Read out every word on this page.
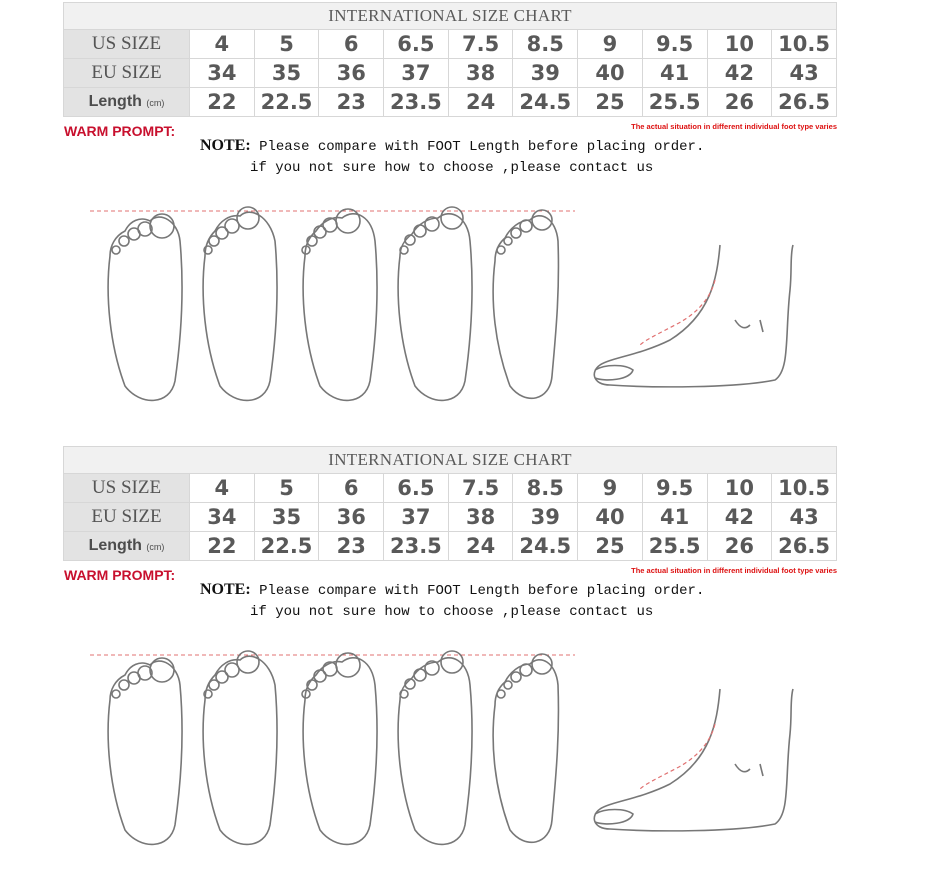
INTERNATIONAL SIZE CHART										
US SIZE	4	5	6	6.5	7.5	8.5	9	9.5	10	10.5
EU SIZE	34	35	36	37	38	39	40	41	42	43
Length (cm)	22	22.5	23	23.5	24	24.5	25	25.5	26	26.5
WARM PROMPT:	The actual situation in different individual foot type varies
NOTE: Please compare with FOOT Length before placing order.
if you not sure how to choose ,please contact us
INTERNATIONAL SIZE CHART										
US SIZE	4	5	6	6.5	7.5	8.5	9	9.5	10	10.5
EU SIZE	34	35	36	37	38	39	40	41	42	43
Length (cm)	22	22.5	23	23.5	24	24.5	25	25.5	26	26.5
WARM PROMPT:	The actual situation in different individual foot type varies
NOTE: Please compare with FOOT Length before placing order.
if you not sure how to choose ,please contact us
